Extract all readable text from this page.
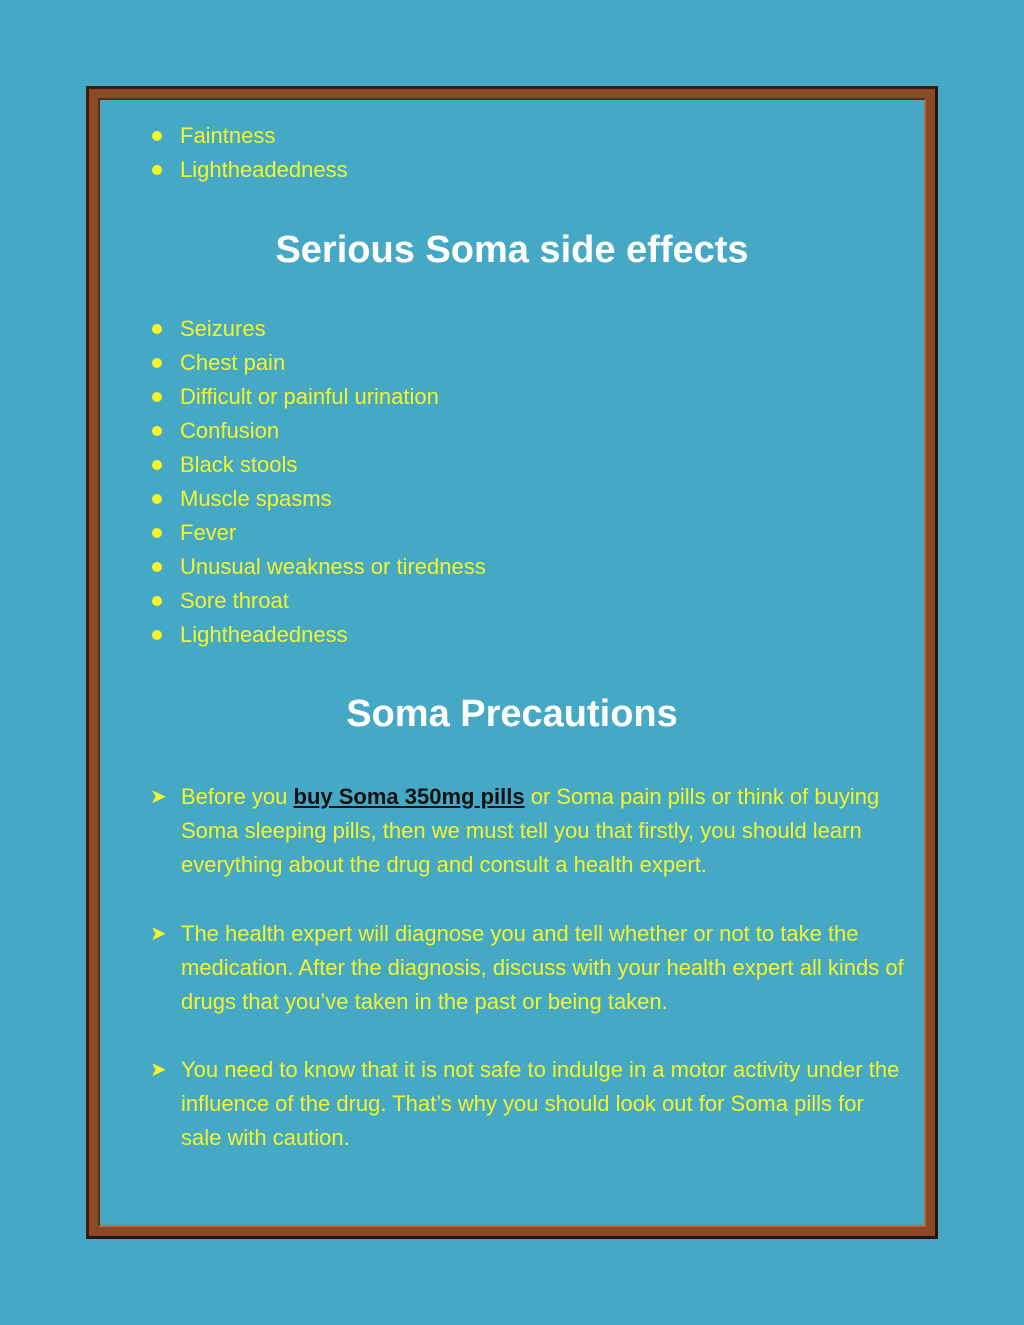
Faintness
Lightheadedness
Serious Soma side effects
Seizures
Chest pain
Difficult or painful urination
Confusion
Black stools
Muscle spasms
Fever
Unusual weakness or tiredness
Sore throat
Lightheadedness
Soma Precautions
➤ Before you buy Soma 350mg pills or Soma pain pills or think of buying Soma sleeping pills, then we must tell you that firstly, you should learn everything about the drug and consult a health expert.
➤ The health expert will diagnose you and tell whether or not to take the medication. After the diagnosis, discuss with your health expert all kinds of drugs that you’ve taken in the past or being taken.
➤ You need to know that it is not safe to indulge in a motor activity under the influence of the drug. That’s why you should look out for Soma pills for sale with caution.
